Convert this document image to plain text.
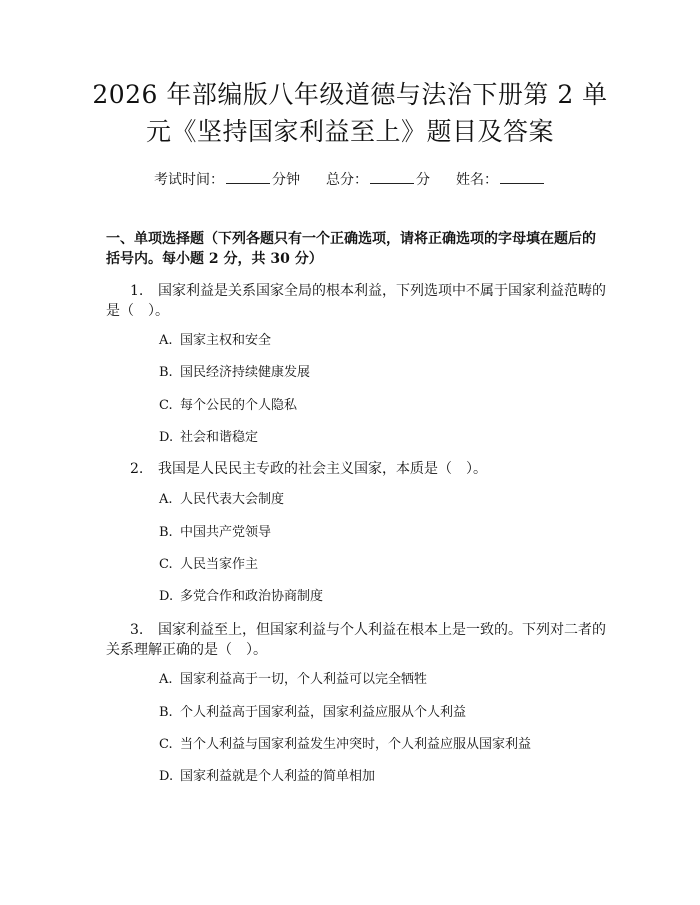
2026 年部编版八年级道德与法治下册第 2 单
元《坚持国家利益至上》题目及答案
考试时间：	分钟 总分：	分 姓名：
一、单项选择题（下列各题只有一个正确选项，请将正确选项的字母填在题后的括号内。每小题 2 分，共 30 分）
1. 国家利益是关系国家全局的根本利益，下列选项中不属于国家利益范畴的是（　）。
A. 国家主权和安全
B. 国民经济持续健康发展
C. 每个公民的个人隐私
D. 社会和谐稳定
2. 我国是人民民主专政的社会主义国家，本质是（　）。
A. 人民代表大会制度
B. 中国共产党领导
C. 人民当家作主
D. 多党合作和政治协商制度
3. 国家利益至上，但国家利益与个人利益在根本上是一致的。下列对二者的关系理解正确的是（　）。
A. 国家利益高于一切，个人利益可以完全牺牲
B. 个人利益高于国家利益，国家利益应服从个人利益
C. 当个人利益与国家利益发生冲突时，个人利益应服从国家利益
D. 国家利益就是个人利益的简单相加
